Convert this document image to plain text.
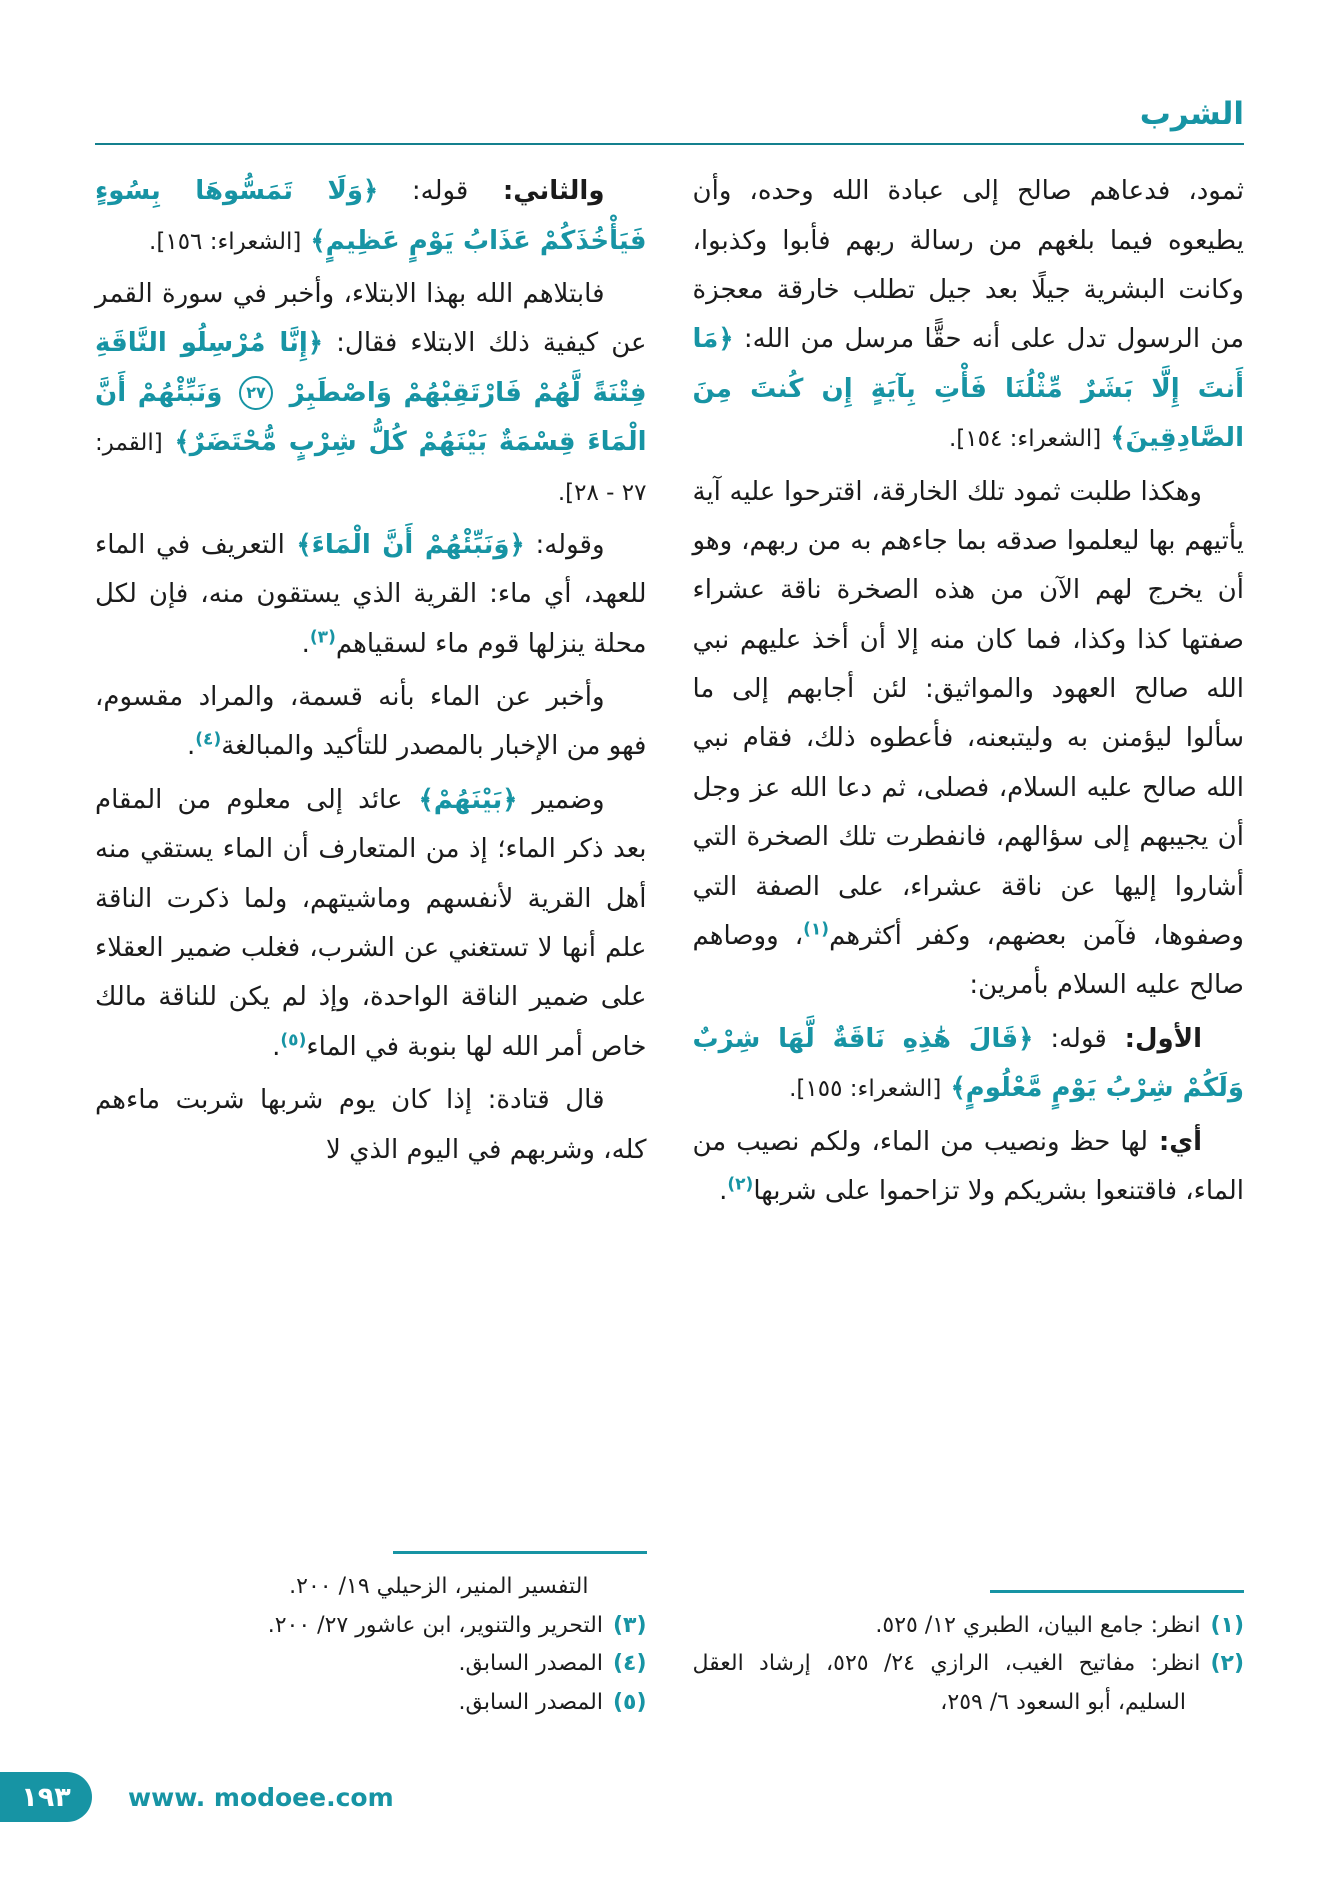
الشرب

ثمود، فدعاهم صالح إلى عبادة الله وحده، وأن يطيعوه فيما بلغهم من رسالة ربهم فأبوا وكذبوا، وكانت البشرية جيلًا بعد جيل تطلب خارقة معجزة من الرسول تدل على أنه حقًّا مرسل من الله: ﴿مَا أَنتَ إِلَّا بَشَرٌ مِّثْلُنَا فَأْتِ بِآيَةٍ إِن كُنتَ مِنَ الصَّادِقِينَ﴾ [الشعراء: ١٥٤].

وهكذا طلبت ثمود تلك الخارقة، اقترحوا عليه آية يأتيهم بها ليعلموا صدقه بما جاءهم به من ربهم، وهو أن يخرج لهم الآن من هذه الصخرة ناقة عشراء صفتها كذا وكذا، فما كان منه إلا أن أخذ عليهم نبي الله صالح العهود والمواثيق: لئن أجابهم إلى ما سألوا ليؤمنن به وليتبعنه، فأعطوه ذلك، فقام نبي الله صالح عليه السلام، فصلى، ثم دعا الله عز وجل أن يجيبهم إلى سؤالهم، فانفطرت تلك الصخرة التي أشاروا إليها عن ناقة عشراء، على الصفة التي وصفوها، فآمن بعضهم، وكفر أكثرهم$^{(١)}$، ووصاهم صالح عليه السلام بأمرين:

الأول: قوله: ﴿قَالَ هَٰذِهِ نَاقَةٌ لَّهَا شِرْبٌ وَلَكُمْ شِرْبُ يَوْمٍ مَّعْلُومٍ﴾ [الشعراء: ١٥٥].

أي: لها حظ ونصيب من الماء، ولكم نصيب من الماء، فاقتنعوا بشريكم ولا تزاحموا على شربها$^{(٢)}$.

(١)انظر: جامع البيان، الطبري ١٢/ ٥٢٥.
(٢)انظر: مفاتيح الغيب، الرازي ٢٤/ ٥٢٥، إرشاد العقل السليم، أبو السعود ٦/ ٢٥٩،

والثاني: قوله: ﴿وَلَا تَمَسُّوهَا بِسُوءٍ فَيَأْخُذَكُمْ عَذَابُ يَوْمٍ عَظِيمٍ﴾ [الشعراء: ١٥٦].

فابتلاهم الله بهذا الابتلاء، وأخبر في سورة القمر عن كيفية ذلك الابتلاء فقال: ﴿إِنَّا مُرْسِلُو النَّاقَةِ فِتْنَةً لَّهُمْ فَارْتَقِبْهُمْ وَاصْطَبِرْ ٢٧ وَنَبِّئْهُمْ أَنَّ الْمَاءَ قِسْمَةٌ بَيْنَهُمْ كُلُّ شِرْبٍ مُّحْتَضَرٌ﴾ [القمر: ٢٧ - ٢٨].

وقوله: ﴿وَنَبِّئْهُمْ أَنَّ الْمَاءَ﴾ التعريف في الماء للعهد، أي ماء: القرية الذي يستقون منه، فإن لكل محلة ينزلها قوم ماء لسقياهم$^{(٣)}$.

وأخبر عن الماء بأنه قسمة، والمراد مقسوم، فهو من الإخبار بالمصدر للتأكيد والمبالغة$^{(٤)}$.

وضمير ﴿بَيْنَهُمْ﴾ عائد إلى معلوم من المقام بعد ذكر الماء؛ إذ من المتعارف أن الماء يستقي منه أهل القرية لأنفسهم وماشيتهم، ولما ذكرت الناقة علم أنها لا تستغني عن الشرب، فغلب ضمير العقلاء على ضمير الناقة الواحدة، وإذ لم يكن للناقة مالك خاص أمر الله لها بنوبة في الماء$^{(٥)}$.

قال قتادة: إذا كان يوم شربها شربت ماءهم كله، وشربهم في اليوم الذي لا

التفسير المنير، الزحيلي ١٩/ ٢٠٠.
(٣)التحرير والتنوير، ابن عاشور ٢٧/ ٢٠٠.
(٤)المصدر السابق.
(٥)المصدر السابق.
١٩٣ www. modoee.com
